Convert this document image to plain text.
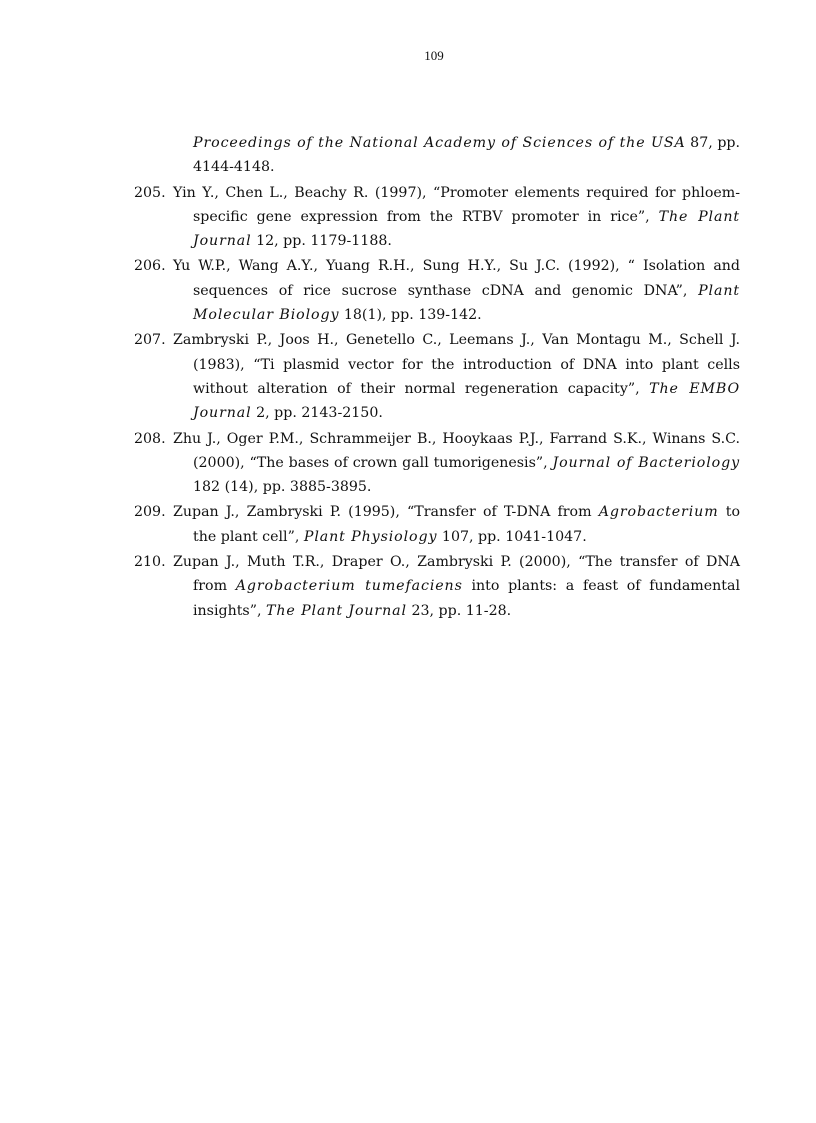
109
Proceedings of the National Academy of Sciences of the USA 87, pp. 4144-4148.
205. Yin Y., Chen L., Beachy R. (1997), “Promoter elements required for phloem-specific gene expression from the RTBV promoter in rice”, The Plant Journal 12, pp. 1179-1188.
206. Yu W.P., Wang A.Y., Yuang R.H., Sung H.Y., Su J.C. (1992), “ Isolation and sequences of rice sucrose synthase cDNA and genomic DNA”, Plant Molecular Biology 18(1), pp. 139-142.
207. Zambryski P., Joos H., Genetello C., Leemans J., Van Montagu M., Schell J. (1983), “Ti plasmid vector for the introduction of DNA into plant cells without alteration of their normal regeneration capacity”, The EMBO Journal 2, pp. 2143-2150.
208. Zhu J., Oger P.M., Schrammeijer B., Hooykaas P.J., Farrand S.K., Winans S.C. (2000), “The bases of crown gall tumorigenesis”, Journal of Bacteriology 182 (14), pp. 3885-3895.
209. Zupan J., Zambryski P. (1995), “Transfer of T-DNA from Agrobacterium to the plant cell”, Plant Physiology 107, pp. 1041-1047.
210. Zupan J., Muth T.R., Draper O., Zambryski P. (2000), “The transfer of DNA from Agrobacterium tumefaciens into plants: a feast of fundamental insights”, The Plant Journal 23, pp. 11-28.
